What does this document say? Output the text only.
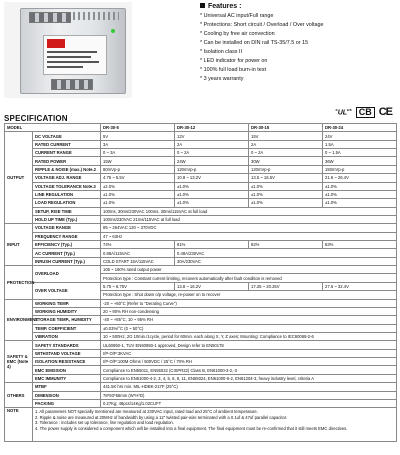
Features :
* Universal AC input/Full range
* Protections: Short circuit / Overload / Over voltage
* Cooling by free air convection
* Can be installed on DIN rail TS-35/7.5 or 15
* Isolation class II
* LED indicator for power on
* 100% full load burn-in test
* 3 years warranty
SPECIFICATION
$^cUL^{us}$ CB CE
MODEL		DR-30-5	DR-30-12	DR-30-15	DR-30-24
OUTPUT	DC VOLTAGE	5V	12V	15V	24V
	RATED CURRENT	3A	2A	2A	1.5A
	CURRENT RANGE	0 ~ 3A	0 ~ 2A	0 ~ 2A	0 ~ 1.5A
	RATED POWER	15W	24W	30W	36W
	RIPPLE & NOISE (max.) Note.2	80mVp-p	120mVp-p	120mVp-p	150mVp-p
	VOLTAGE ADJ. RANGE	4.75 ~ 5.5V	10.8 ~ 13.2V	13.5 ~ 16.5V	21.6 ~ 26.4V
	VOLTAGE TOLERANCE Note.3	±2.0%	±1.0%	±1.0%	±1.0%
	LINE REGULATION	±1.0%	±1.0%	±1.0%	±1.0%
	LOAD REGULATION	±1.0%	±1.0%	±1.0%	±1.0%
	SETUP, RISE TIME	100ms, 30ms/230VAC 100ms, 30ms/115VAC at full load			
	HOLD UP TIME (Typ.)	100ms/230VAC 21ms/115VAC at full load			
INPUT	VOLTAGE RANGE	85 ~ 264VAC 120 ~ 370VDC			
	FREQUENCY RANGE	47 ~ 63Hz			
	EFFICIENCY (Typ.)	74%	81%	82%	83%
	AC CURRENT (Typ.)	0.88A/115VAC	0.48A/230VAC		
	INRUSH CURRENT (Typ.)	COLD START 15A/115VAC	30A/230VAC		
PROTECTION	OVERLOAD	105 ~ 160% rated output power			
		Protection type : Constant current limiting, recovers automatically after fault condition is removed			
	OVER VOLTAGE	5.75 ~ 6.75V	13.8 ~ 16.2V	17.25 ~ 20.25V	27.6 ~ 32.4V
		Protection type : Shut down o/p voltage, re-power on to recover			
ENVIRONMENT	WORKING TEMP.	-20 ~ +60°C (Refer to "Derating Curve")			
	WORKING HUMIDITY	20 ~ 90% RH non-condensing			
	STORAGE TEMP., HUMIDITY	-40 ~ +85°C, 10 ~ 95% RH			
	TEMP. COEFFICIENT	±0.03%/°C (0 ~ 50°C)			
	VIBRATION	10 ~ 500Hz, 2G 10min./1cycle, period for 60min. each along X, Y, Z axes; Mounting: Compliance to IEC60068-2-6			
SAFETY & EMC (Note 4)	SAFETY STANDARDS	UL60950-1, TUV EN60950-1 approved, Design refer to EN50178			
	WITHSTAND VOLTAGE	I/P-O/P:3KVAC			
	ISOLATION RESISTANCE	I/P-O/P:100M Ohms / 500VDC / 25°C / 70% RH			
	EMC EMISSION	Compliance to EN55011, EN55022 (CISPR22) Class B, EN61000-3-2,-3			
	EMC IMMUNITY	Compliance to EN61000-4-2, 3, 4, 5, 6, 8, 11, EN55024, EN61000-6-2, EN61204-3, heavy industry level, criteria A			
OTHERS	MTBF	441.5K hrs min. MIL-HDBK-217F (25°C)			
	DIMENSION	78*93*56mm (W*H*D)			
	PACKING	0.27Kg; 48pcs/14Kg/1.02CUFT			
NOTE	1. All parameters NOT specially mentioned are measured at 230VAC input, rated load and 25°C of ambient temperature.
2. Ripple & noise are measured at 20MHz of bandwidth by using a 12" twisted pair-wire terminated with a 0.1uf & 47uf parallel capacitor.
3. Tolerance : includes set up tolerance, line regulation and load regulation.
4. The power supply is considered a component which will be installed into a final equipment. The final equipment must be re-confirmed that it still meets EMC directives.				
